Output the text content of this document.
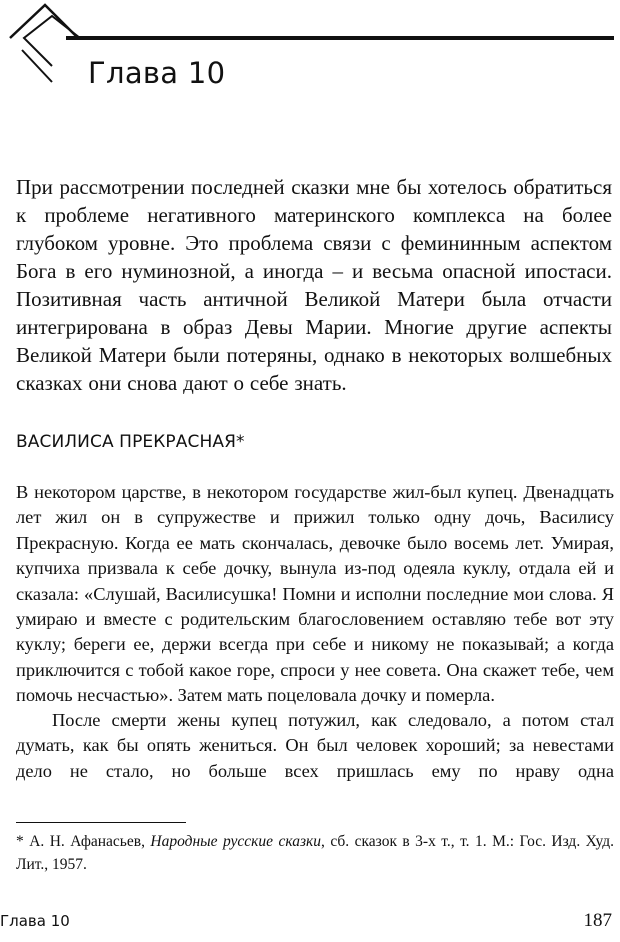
Глава 10

При рассмотрении последней сказки мне бы хотелось обратиться к проблеме негативного материнского комплекса на более глубоком уровне. Это проблема связи с фемининным аспектом Бога в его нуминозной, а иногда – и весьма опасной ипостаси. Позитивная часть античной Великой Матери была отчасти интегрирована в образ Девы Марии. Многие другие аспекты Великой Матери были потеряны, однако в некоторых волшебных сказках они снова дают о себе знать.

ВАСИЛИСА ПРЕКРАСНАЯ*

В некотором царстве, в некотором государстве жил-был купец. Двенадцать лет жил он в супружестве и прижил только одну дочь, Василису Прекрасную. Когда ее мать скончалась, девочке было восемь лет. Умирая, купчиха призвала к себе дочку, вынула из-под одеяла куклу, отдала ей и сказала: «Слушай, Василисушка! Помни и исполни последние мои слова. Я умираю и вместе с родительским благословением оставляю тебе вот эту куклу; береги ее, держи всегда при себе и никому не показывай; а когда приключится с тобой какое горе, спроси у нее совета. Она скажет тебе, чем помочь несчастью». Затем мать поцеловала дочку и померла.

После смерти жены купец потужил, как следовало, а потом стал думать, как бы опять жениться. Он был человек хороший; за невестами дело не стало, но больше всех пришлась ему по нраву одна

* А. Н. Афанасьев, Народные русские сказки, сб. сказок в 3-х т., т. 1. М.: Гос. Изд. Худ. Лит., 1957.

Глава 10	187
